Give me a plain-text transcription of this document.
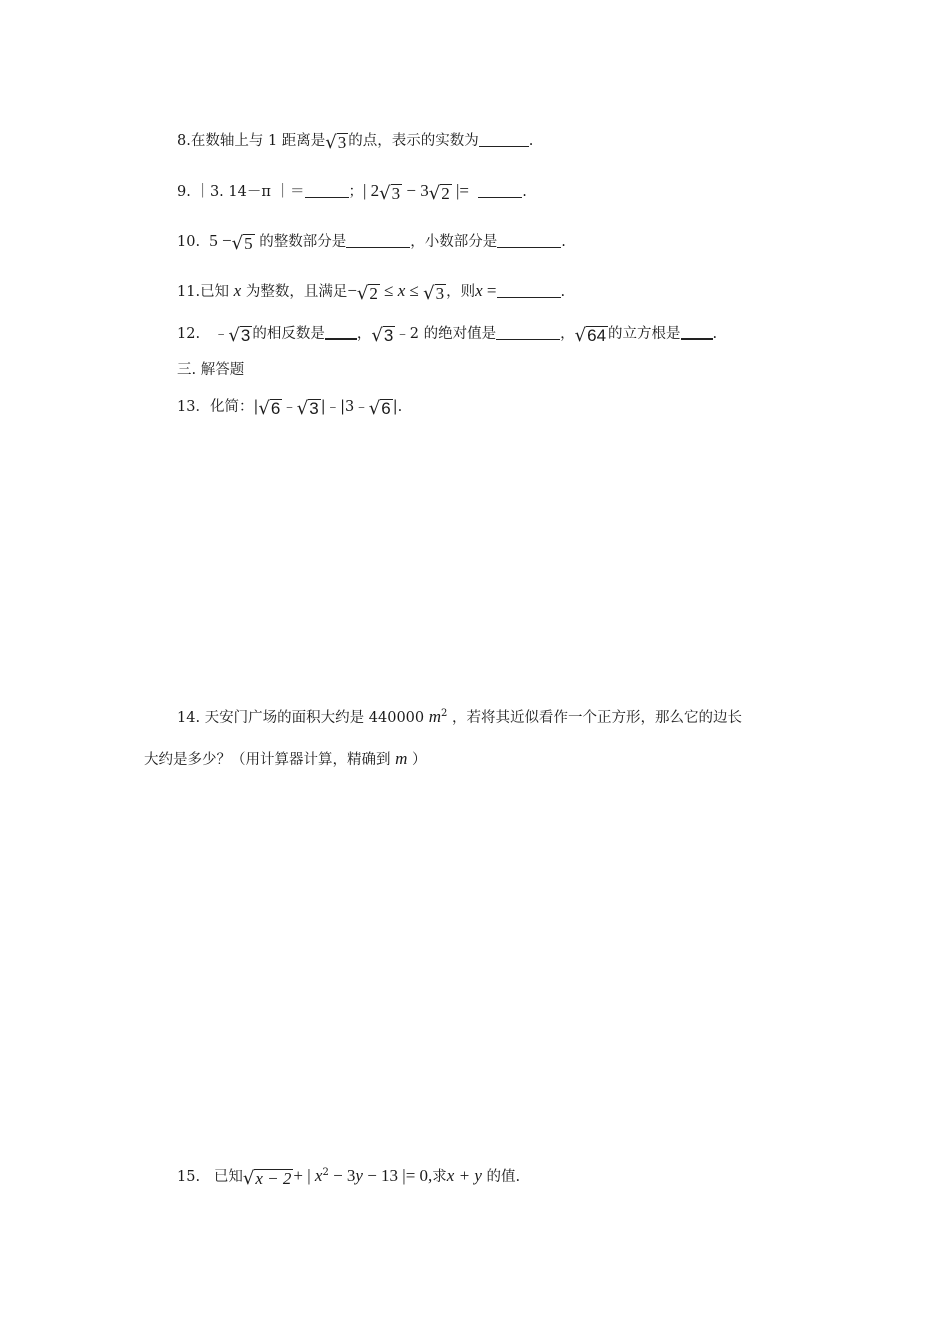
8.在数轴上与 1 距离是√3 的点，表示的实数为	.
9. ｜3. 14－π ｜＝	；| 2√3 − 3√2 |=	.
10. 5 −√5 的整数部分是	，小数部分是	.
11.已知 x 为整数，且满足−√2 ≤ x ≤ √3 ，则x =	.
12. ﹣√3 的相反数是 ，√3 ﹣2 的绝对值是	，√64 的立方根是 .
三. 解答题
13．化简：|√6 ﹣√3 |﹣|3﹣√6 |.
14. 天安门广场的面积大约是 440000 $m^2$ ，若将其近似看作一个正方形，那么它的边长
大约是多少？（用计算器计算，精确到 m ）
15. 已知√x − 2 + | $x^2 - 3y - 13$ |= 0,求x + y 的值.
